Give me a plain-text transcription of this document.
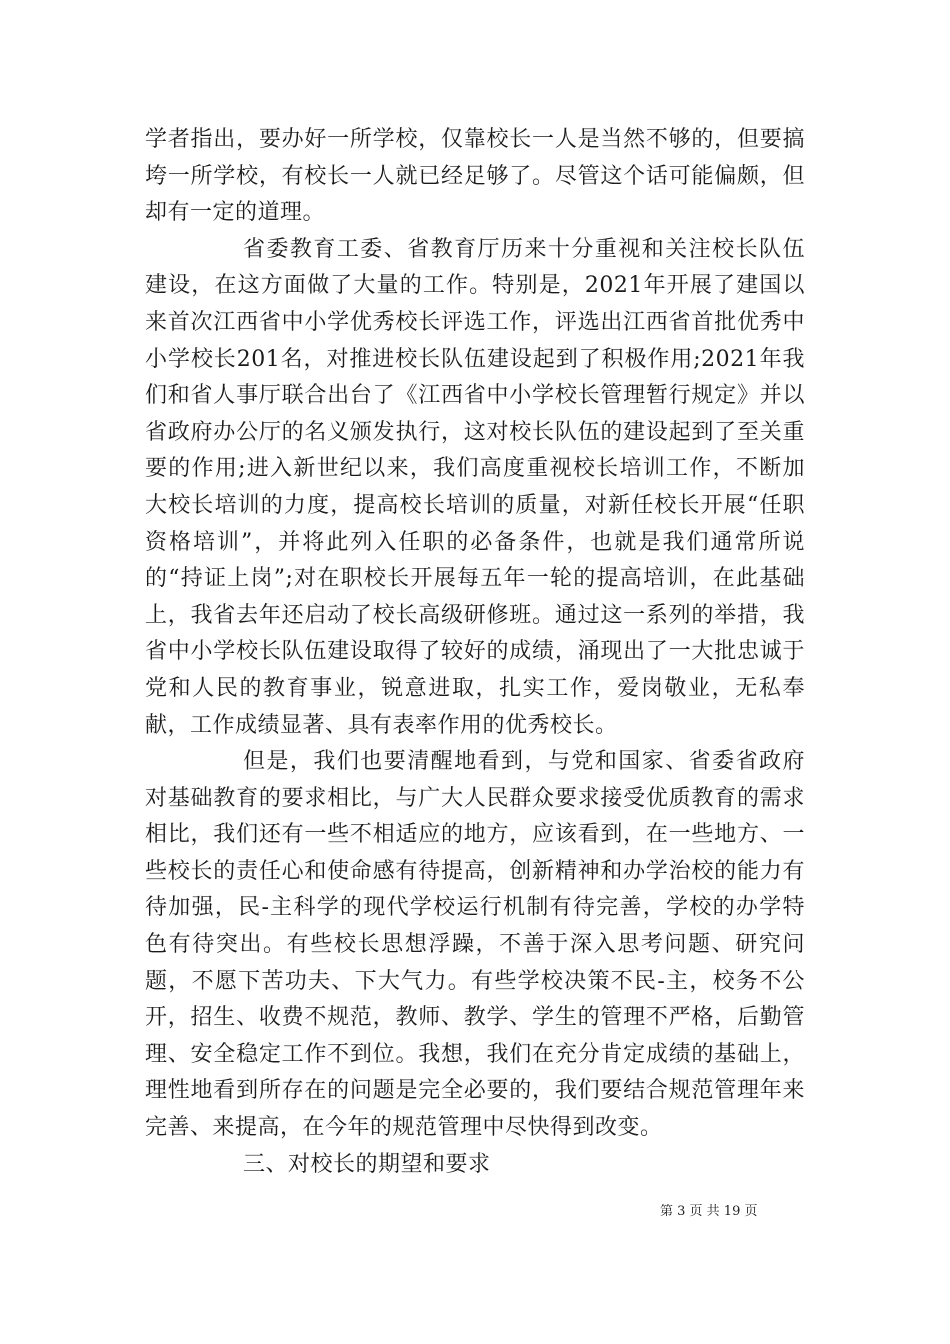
学者指出，要办好一所学校，仅靠校长一人是当然不够的，但要搞垮一所学校，有校长一人就已经足够了。尽管这个话可能偏颇，但却有一定的道理。

省委教育工委、省教育厅历来十分重视和关注校长队伍建设，在这方面做了大量的工作。特别是，2021年开展了建国以来首次江西省中小学优秀校长评选工作，评选出江西省首批优秀中小学校长201名，对推进校长队伍建设起到了积极作用;2021年我们和省人事厅联合出台了《江西省中小学校长管理暂行规定》并以省政府办公厅的名义颁发执行，这对校长队伍的建设起到了至关重要的作用;进入新世纪以来，我们高度重视校长培训工作，不断加大校长培训的力度，提高校长培训的质量，对新任校长开展“任职资格培训”，并将此列入任职的必备条件，也就是我们通常所说的“持证上岗”;对在职校长开展每五年一轮的提高培训，在此基础上，我省去年还启动了校长高级研修班。通过这一系列的举措，我省中小学校长队伍建设取得了较好的成绩，涌现出了一大批忠诚于党和人民的教育事业，锐意进取，扎实工作，爱岗敬业，无私奉献，工作成绩显著、具有表率作用的优秀校长。

但是，我们也要清醒地看到，与党和国家、省委省政府对基础教育的要求相比，与广大人民群众要求接受优质教育的需求相比，我们还有一些不相适应的地方，应该看到，在一些地方、一些校长的责任心和使命感有待提高，创新精神和办学治校的能力有待加强，民-主科学的现代学校运行机制有待完善，学校的办学特色有待突出。有些校长思想浮躁，不善于深入思考问题、研究问题，不愿下苦功夫、下大气力。有些学校决策不民-主，校务不公开，招生、收费不规范，教师、教学、学生的管理不严格，后勤管理、安全稳定工作不到位。我想，我们在充分肯定成绩的基础上，理性地看到所存在的问题是完全必要的，我们要结合规范管理年来完善、来提高，在今年的规范管理中尽快得到改变。

三、对校长的期望和要求

第 3 页 共 19 页
